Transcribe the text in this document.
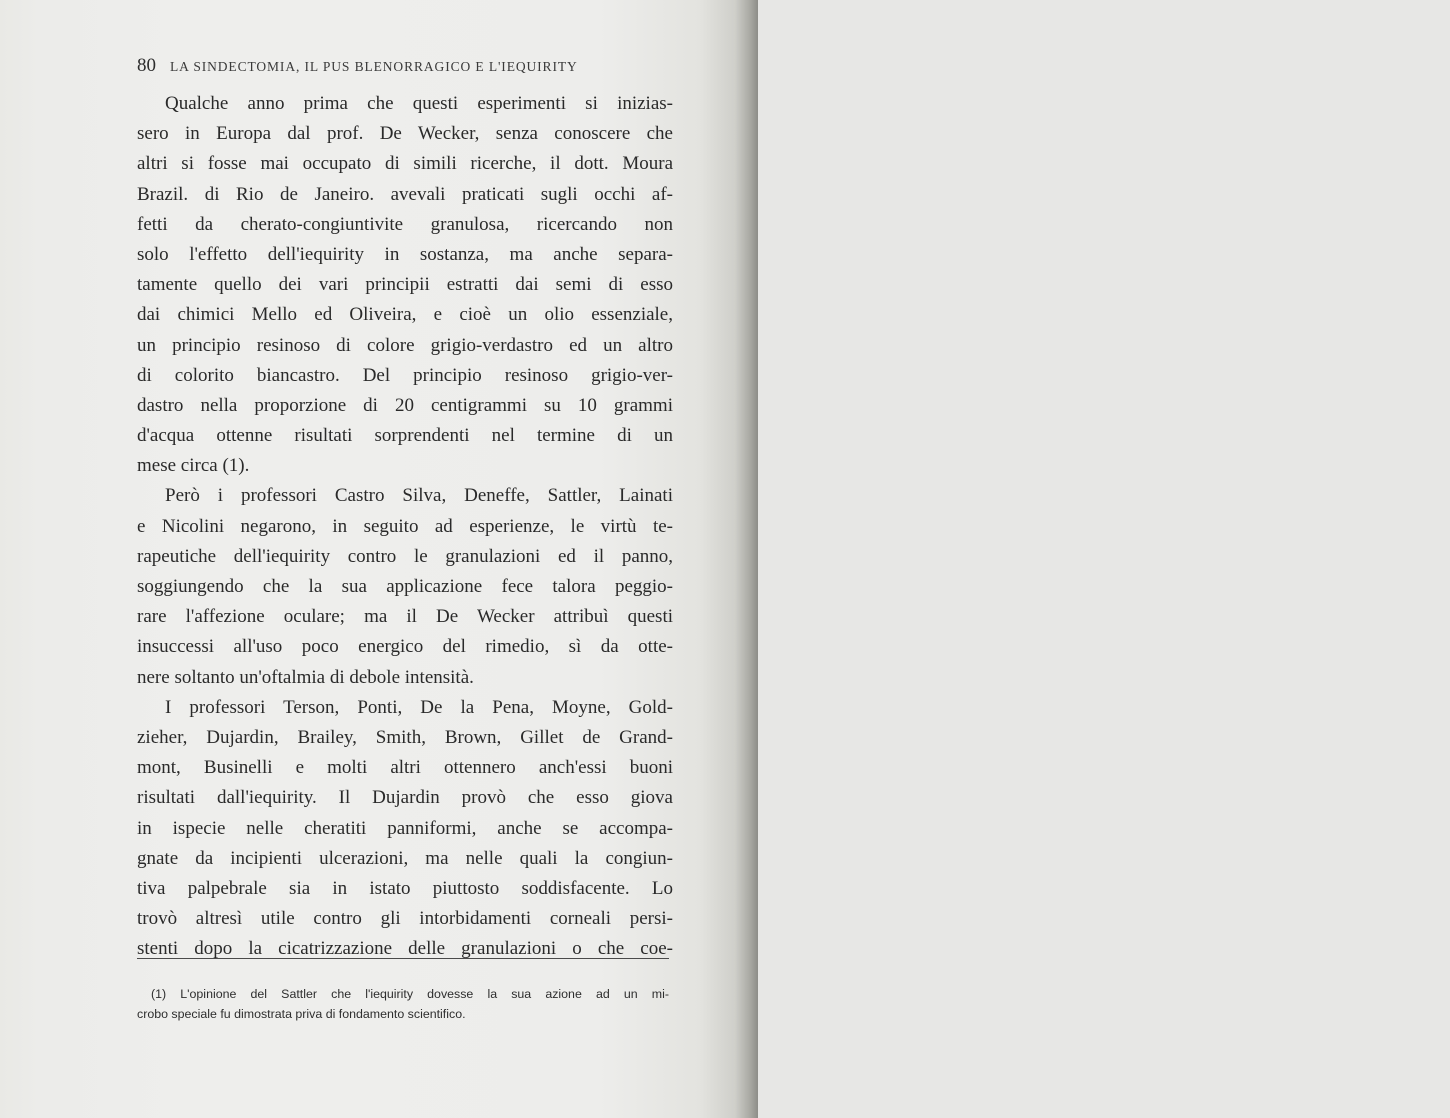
80 LA SINDECTOMIA, IL PUS BLENORRAGICO E L'IEQUIRITY
Qualche anno prima che questi esperimenti si inizias-
sero in Europa dal prof. De Wecker, senza conoscere che
altri si fosse mai occupato di simili ricerche, il dott. Moura
Brazil. di Rio de Janeiro. avevali praticati sugli occhi af-
fetti da cherato-congiuntivite granulosa, ricercando non
solo l'effetto dell'iequirity in sostanza, ma anche separa-
tamente quello dei vari principii estratti dai semi di esso
dai chimici Mello ed Oliveira, e cioè un olio essenziale,
un principio resinoso di colore grigio-verdastro ed un altro
di colorito biancastro. Del principio resinoso grigio-ver-
dastro nella proporzione di 20 centigrammi su 10 grammi
d'acqua ottenne risultati sorprendenti nel termine di un
mese circa (1).
Però i professori Castro Silva, Deneffe, Sattler, Lainati
e Nicolini negarono, in seguito ad esperienze, le virtù te-
rapeutiche dell'iequirity contro le granulazioni ed il panno,
soggiungendo che la sua applicazione fece talora peggio-
rare l'affezione oculare; ma il De Wecker attribuì questi
insuccessi all'uso poco energico del rimedio, sì da otte-
nere soltanto un'oftalmia di debole intensità.
I professori Terson, Ponti, De la Pena, Moyne, Gold-
zieher, Dujardin, Brailey, Smith, Brown, Gillet de Grand-
mont, Businelli e molti altri ottennero anch'essi buoni
risultati dall'iequirity. Il Dujardin provò che esso giova
in ispecie nelle cheratiti panniformi, anche se accompa-
gnate da incipienti ulcerazioni, ma nelle quali la congiun-
tiva palpebrale sia in istato piuttosto soddisfacente. Lo
trovò altresì utile contro gli intorbidamenti corneali persi-
stenti dopo la cicatrizzazione delle granulazioni o che coe-
(1) L'opinione del Sattler che l'iequirity dovesse la sua azione ad un mi-
crobo speciale fu dimostrata priva di fondamento scientifico.
